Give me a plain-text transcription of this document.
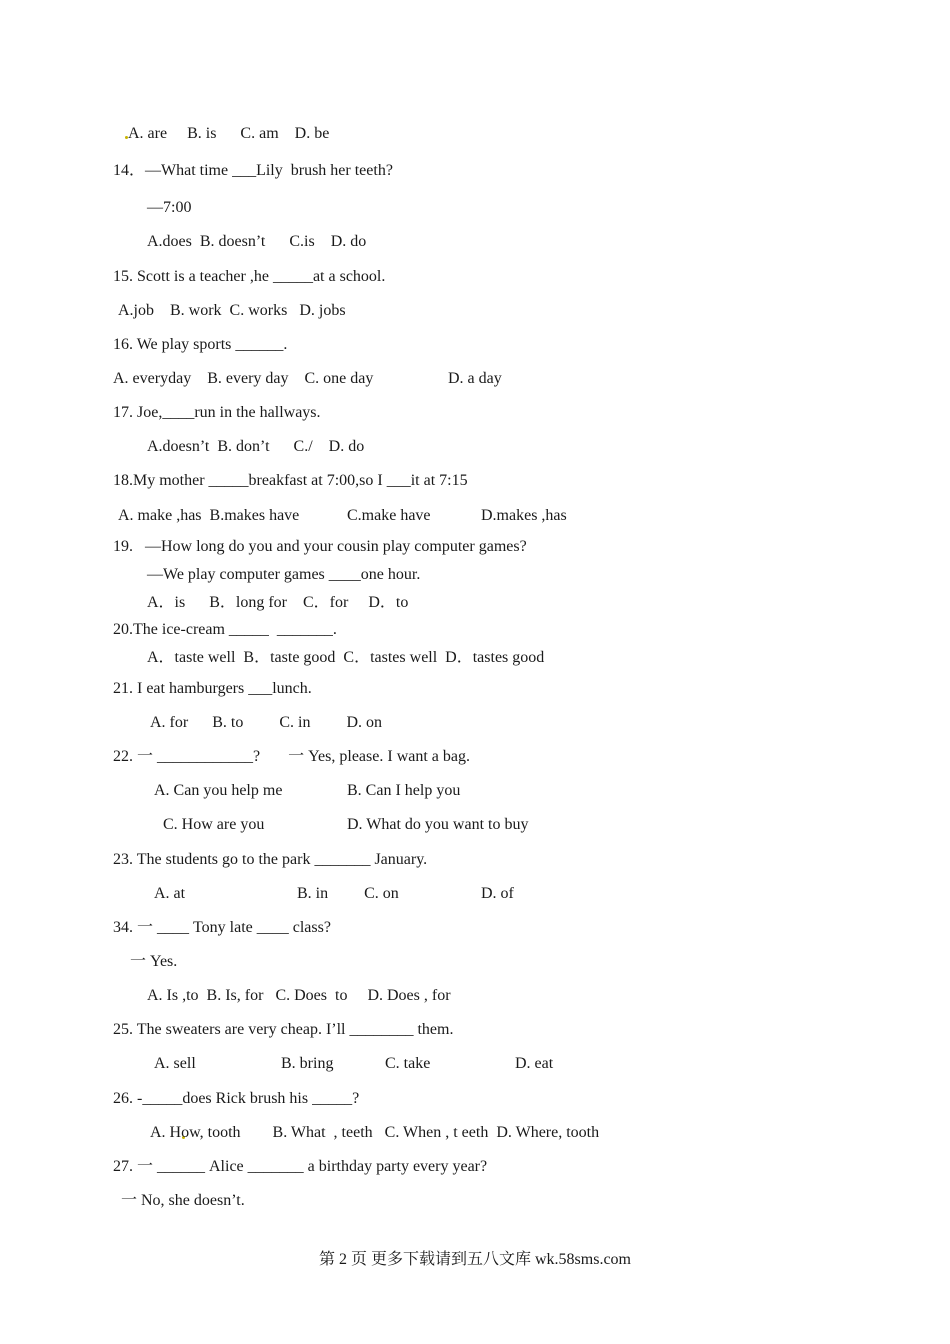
A. are     B. is      C. am    D. be
14．—What time ___Lily  brush her teeth?
—7:00
A.does  B. doesn’t      C.is    D. do
15. Scott is a teacher ,he _____at a school.
A.job    B. work  C. works   D. jobs
16. We play sports ______.
A. everyday    B. every day    C. one day	D. a day
17. Joe,____run in the hallways.
A.doesn’t  B. don’t      C./    D. do
18.My mother _____breakfast at 7:00,so I ___it at 7:15
A. make ,has  B.makes have	C.make have	D.makes ,has
19.   —How long do you and your cousin play computer games?
—We play computer games ____one hour.
A．is      B．long for    C．for     D．to
20.The ice-cream _____  _______.
A．taste well  B．taste good  C．tastes well  D．tastes good
21. I eat hamburgers ___lunch.
A. for      B. to         C. in         D. on
22. 一 ____________?       一 Yes, please. I want a bag.
A. Can you help me	B. Can I help you
C. How are you	D. What do you want to buy
23. The students go to the park _______ January.
A. at	B. in         C. on	D. of
34. 一 ____ Tony late ____ class?
一 Yes.
A. Is ,to  B. Is, for   C. Does  to     D. Does , for
25. The sweaters are very cheap. I’ll ________ them.
A. sell	B. bring	C. take	D. eat
26. -_____does Rick brush his _____?
A. How, tooth        B. What  , teeth   C. When , t eeth  D. Where, tooth
27. 一 ______ Alice _______ a birthday party every year?
一 No, she doesn’t.
第 2 页 更多下载请到五八文库 wk.58sms.com
